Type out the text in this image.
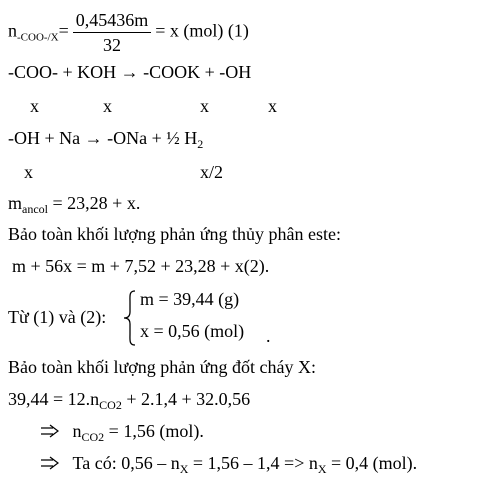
$n_{-COO-/X}= \frac{0,45436m}{32} = x$ (mol) (1)
-COO- + KOH → -COOK + -OH
x	x	x	x
-OH + Na → -ONa + ½ $H_2$
x	x/2
$m_{ancol} = 23,28 + x$.
Bảo toàn khối lượng phản ứng thủy phân este:
m + 56x = m + 7,52 + 23,28 + x(2).
Từ (1) và (2):
m = 39,44 (g)
x = 0,56 (mol) .
Bảo toàn khối lượng phản ứng đốt cháy X:
$39,44 = 12.n_{CO2} + 2.1,4 + 32.0,56$
$n_{CO2} = 1,56$ (mol).
Ta có: $0,56 - n_X = 1,56 - 1,4 => n_X = 0,4$ (mol).
